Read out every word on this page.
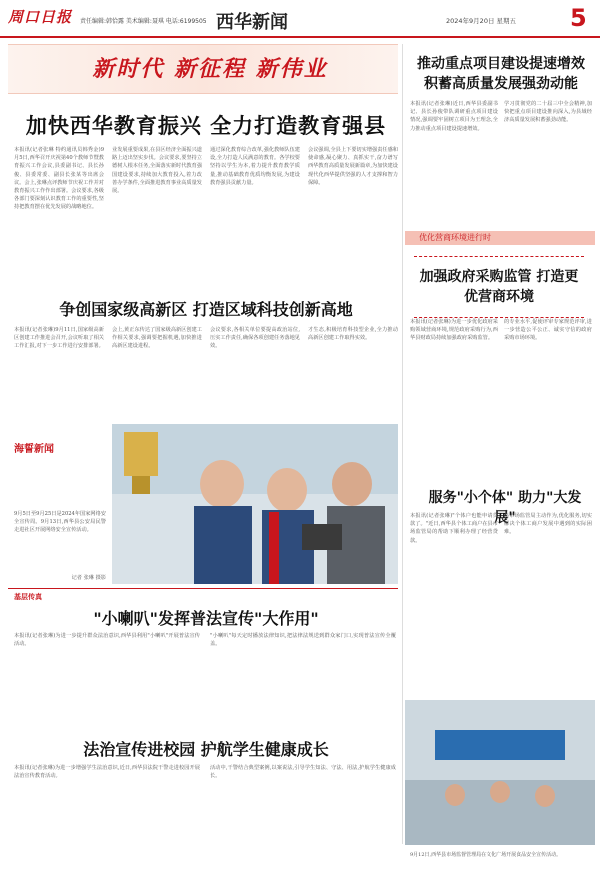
周口日报	责任编辑:韩恰露 美术编辑:聂琪 电话:6199505 西华新闻	2024年9月20日 星期五 5
新时代 新征程 新伟业
加快西华教育振兴 全力打造教育强县
本报讯(记者张琳 特约通讯员韩秀金)9月5日,西华召开庆祝第40个教师节暨教育振兴工作会议,县委副书记、县长孙俊、县委常委、副县长张某等出席会议。会上,张琳点评教师节庆祝工作并对教育振兴工作作出部署。会议要求,各级各部门要深刻认识教育工作的重要性,坚持把教育摆在优先发展的战略地位。
业发展重要成果,在县区经济全面振兴道路上迈出坚实步伐。会议要求,要坚持立德树人根本任务,全面落实新时代教育强国建设要求,持续加大教育投入,着力改善办学条件,全面推进教育事业高质量发展。
通过深化教育综合改革,强化教师队伍建设,全力打造人民满意的教育。各学校要坚持以学生为本,着力提升教育教学质量,推动基础教育优质均衡发展,为建设教育强县贡献力量。
会议强调,全县上下要切实增强责任感和使命感,凝心聚力、真抓实干,奋力谱写西华教育高质量发展新篇章,为加快建设现代化西华提供坚强的人才支撑和智力保障。
争创国家级高新区 打造区域科技创新高地
本报讯(记者张琳)9月11日,国家级高新区创建工作推进会召开,会议听取了相关工作汇报,对下一步工作进行安排部署。
会上,黄正东传达了国家级高新区创建工作相关要求,强调要把握机遇,加快推进高新区建设进程。
会议要求,各相关单位要提高政治站位,压实工作责任,确保各项创建任务落地见效。
才生态,积极培育科技型企业,全力推动高新区创建工作取得实效。
推动重点项目建设提速增效 积蓄高质量发展强劲动能
本报讯(记者张琳)近日,西华县委副书记、县长孙俊带队调研重点项目建设情况,强调要牢固树立项目为王理念,全力推动重点项目建设提速增效。
学习贯彻党的二十届三中全会精神,加快把重点项目建设推向深入,为县域经济高质量发展积蓄强劲动能。
优化营商环境进行时
加强政府采购监管 打造更优营商环境
本报讯(记者张琳)为进一步优化政府采购领域营商环境,规范政府采购行为,西华县财政局持续加强政府采购监管。
的专业水平,促使评审专家规范评审,进一步营造公平公正、诚实守信的政府采购市场环境。
服务"小个体" 助力"大发展"
本报讯(记者张琳)"个体户也能申请贷款了。"近日,西华县个体工商户在县市场监管局的帮助下顺利办理了经营贷款。
县市场监管局主动作为,优化服务,切实解决个体工商户发展中遇到的实际困难。
海誓新闻
9月5日至9月25日是2024年国家网络安全宣传周。9月13日,西华县公安局民警走进社区开展网络安全宣传活动。
记者 张琳 摄影
基层传真
"小喇叭"发挥普法宣传"大作用"
本报讯(记者张琳)为进一步提升群众法治意识,西华县利用"小喇叭"开展普法宣传活动。
"小喇叭"每天定时播放法律知识,把法律法规送到群众家门口,实现普法宣传全覆盖。
法治宣传进校园 护航学生健康成长
本报讯(记者张琳)为进一步增强学生法治意识,近日,西华县法院干警走进校园开展法治宣传教育活动。
活动中,干警结合典型案例,以案说法,引导学生知法、守法、用法,护航学生健康成长。
9月12日,西华县市场监督管理局在文化广场开展食品安全宣传活动。
